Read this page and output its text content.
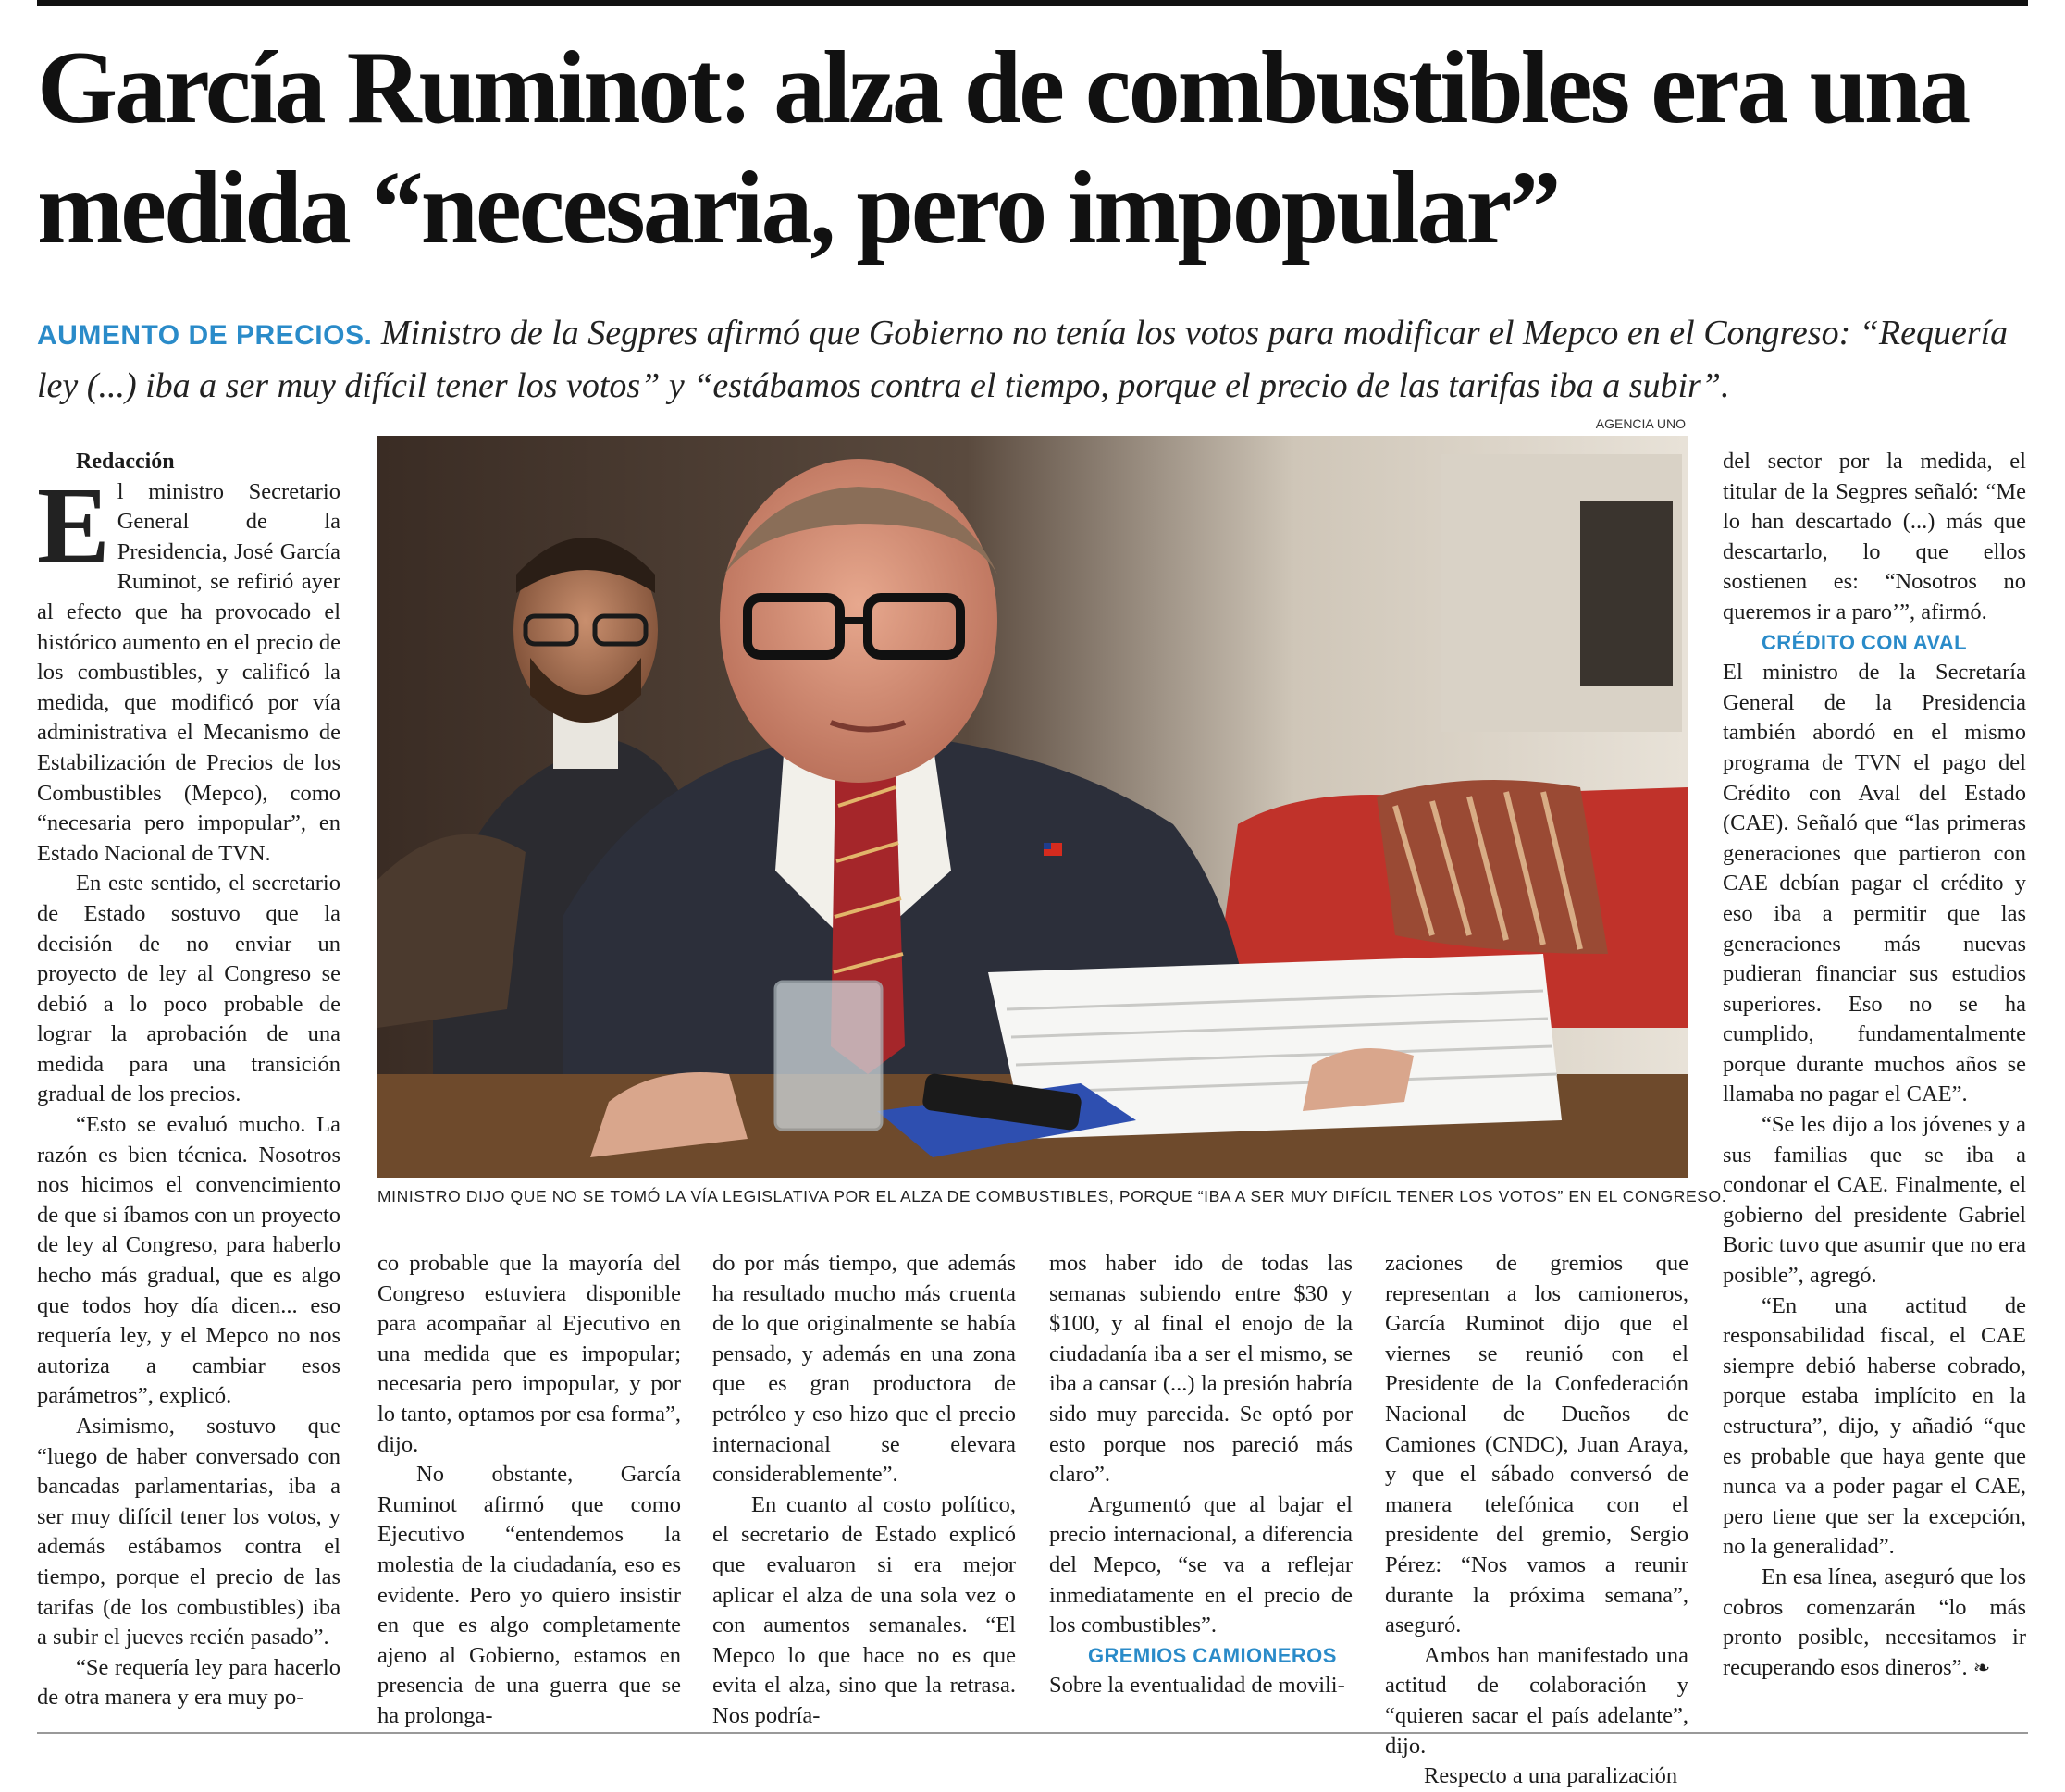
García Ruminot: alza de combustibles era una medida “necesaria, pero impopular”
AUMENTO DE PRECIOS. Ministro de la Segpres afirmó que Gobierno no tenía los votos para modificar el Mepco en el Congreso: “Requería ley (...) iba a ser muy difícil tener los votos” y “estábamos contra el tiempo, porque el precio de las tarifas iba a subir”.

Redacción

El ministro Secretario General de la Presidencia, José García Ruminot, se refirió ayer al efecto que ha provocado el histórico aumento en el precio de los combustibles, y calificó la medida, que modificó por vía administrativa el Mecanismo de Estabilización de Precios de los Combustibles (Mepco), como “necesaria pero impopular”, en Estado Nacional de TVN.

En este sentido, el secretario de Estado sostuvo que la decisión de no enviar un proyecto de ley al Congreso se debió a lo poco probable de lograr la aprobación de una medida para una transición gradual de los precios.

“Esto se evaluó mucho. La razón es bien técnica. Nosotros nos hicimos el convencimiento de que si íbamos con un proyecto de ley al Congreso, para haberlo hecho más gradual, que es algo que todos hoy día dicen... eso requería ley, y el Mepco no nos autoriza a cambiar esos parámetros”, explicó.

Asimismo, sostuvo que “luego de haber conversado con bancadas parlamentarias, iba a ser muy difícil tener los votos, y además estábamos contra el tiempo, porque el precio de las tarifas (de los combustibles) iba a subir el jueves recién pasado”.

“Se requería ley para hacerlo de otra manera y era muy po-

AGENCIA UNO
MINISTRO DIJO QUE NO SE TOMÓ LA VÍA LEGISLATIVA POR EL ALZA DE COMBUSTIBLES, PORQUE “IBA A SER MUY DIFÍCIL TENER LOS VOTOS” EN EL CONGRESO.

co probable que la mayoría del Congreso estuviera disponible para acompañar al Ejecutivo en una medida que es impopular; necesaria pero impopular, y por lo tanto, optamos por esa forma”, dijo.

No obstante, García Ruminot afirmó que como Ejecutivo “entendemos la molestia de la ciudadanía, eso es evidente. Pero yo quiero insistir en que es algo completamente ajeno al Gobierno, estamos en presencia de una guerra que se ha prolonga-

do por más tiempo, que además ha resultado mucho más cruenta de lo que originalmente se había pensado, y además en una zona que es gran productora de petróleo y eso hizo que el precio internacional se elevara considerablemente”.

En cuanto al costo político, el secretario de Estado explicó que evaluaron si era mejor aplicar el alza de una sola vez o con aumentos semanales. “El Mepco lo que hace no es que evita el alza, sino que la retrasa. Nos podría-

mos haber ido de todas las semanas subiendo entre $30 y $100, y al final el enojo de la ciudadanía iba a ser el mismo, se iba a cansar (...) la presión habría sido muy parecida. Se optó por esto porque nos pareció más claro”.

Argumentó que al bajar el precio internacional, a diferencia del Mepco, “se va a reflejar inmediatamente en el precio de los combustibles”.

GREMIOS CAMIONEROS

Sobre la eventualidad de movili-

zaciones de gremios que representan a los camioneros, García Ruminot dijo que el viernes se reunió con el Presidente de la Confederación Nacional de Dueños de Camiones (CNDC), Juan Araya, y que el sábado conversó de manera telefónica con el presidente del gremio, Sergio Pérez: “Nos vamos a reunir durante la próxima semana”, aseguró.

Ambos han manifestado una actitud de colaboración y “quieren sacar el país adelante”, dijo.

Respecto a una paralización

del sector por la medida, el titular de la Segpres señaló: “Me lo han descartado (...) más que descartarlo, lo que ellos sostienen es: “Nosotros no queremos ir a paro’”, afirmó.

CRÉDITO CON AVAL

El ministro de la Secretaría General de la Presidencia también abordó en el mismo programa de TVN el pago del Crédito con Aval del Estado (CAE). Señaló que “las primeras generaciones que partieron con CAE debían pagar el crédito y eso iba a permitir que las generaciones más nuevas pudieran financiar sus estudios superiores. Eso no se ha cumplido, fundamentalmente porque durante muchos años se llamaba no pagar el CAE”.

“Se les dijo a los jóvenes y a sus familias que se iba a condonar el CAE. Finalmente, el gobierno del presidente Gabriel Boric tuvo que asumir que no era posible”, agregó.

“En una actitud de responsabilidad fiscal, el CAE siempre debió haberse cobrado, porque estaba implícito en la estructura”, dijo, y añadió “que es probable que haya gente que nunca va a poder pagar el CAE, pero tiene que ser la excepción, no la generalidad”.

En esa línea, aseguró que los cobros comenzarán “lo más pronto posible, necesitamos ir recuperando esos dineros”. ❧
